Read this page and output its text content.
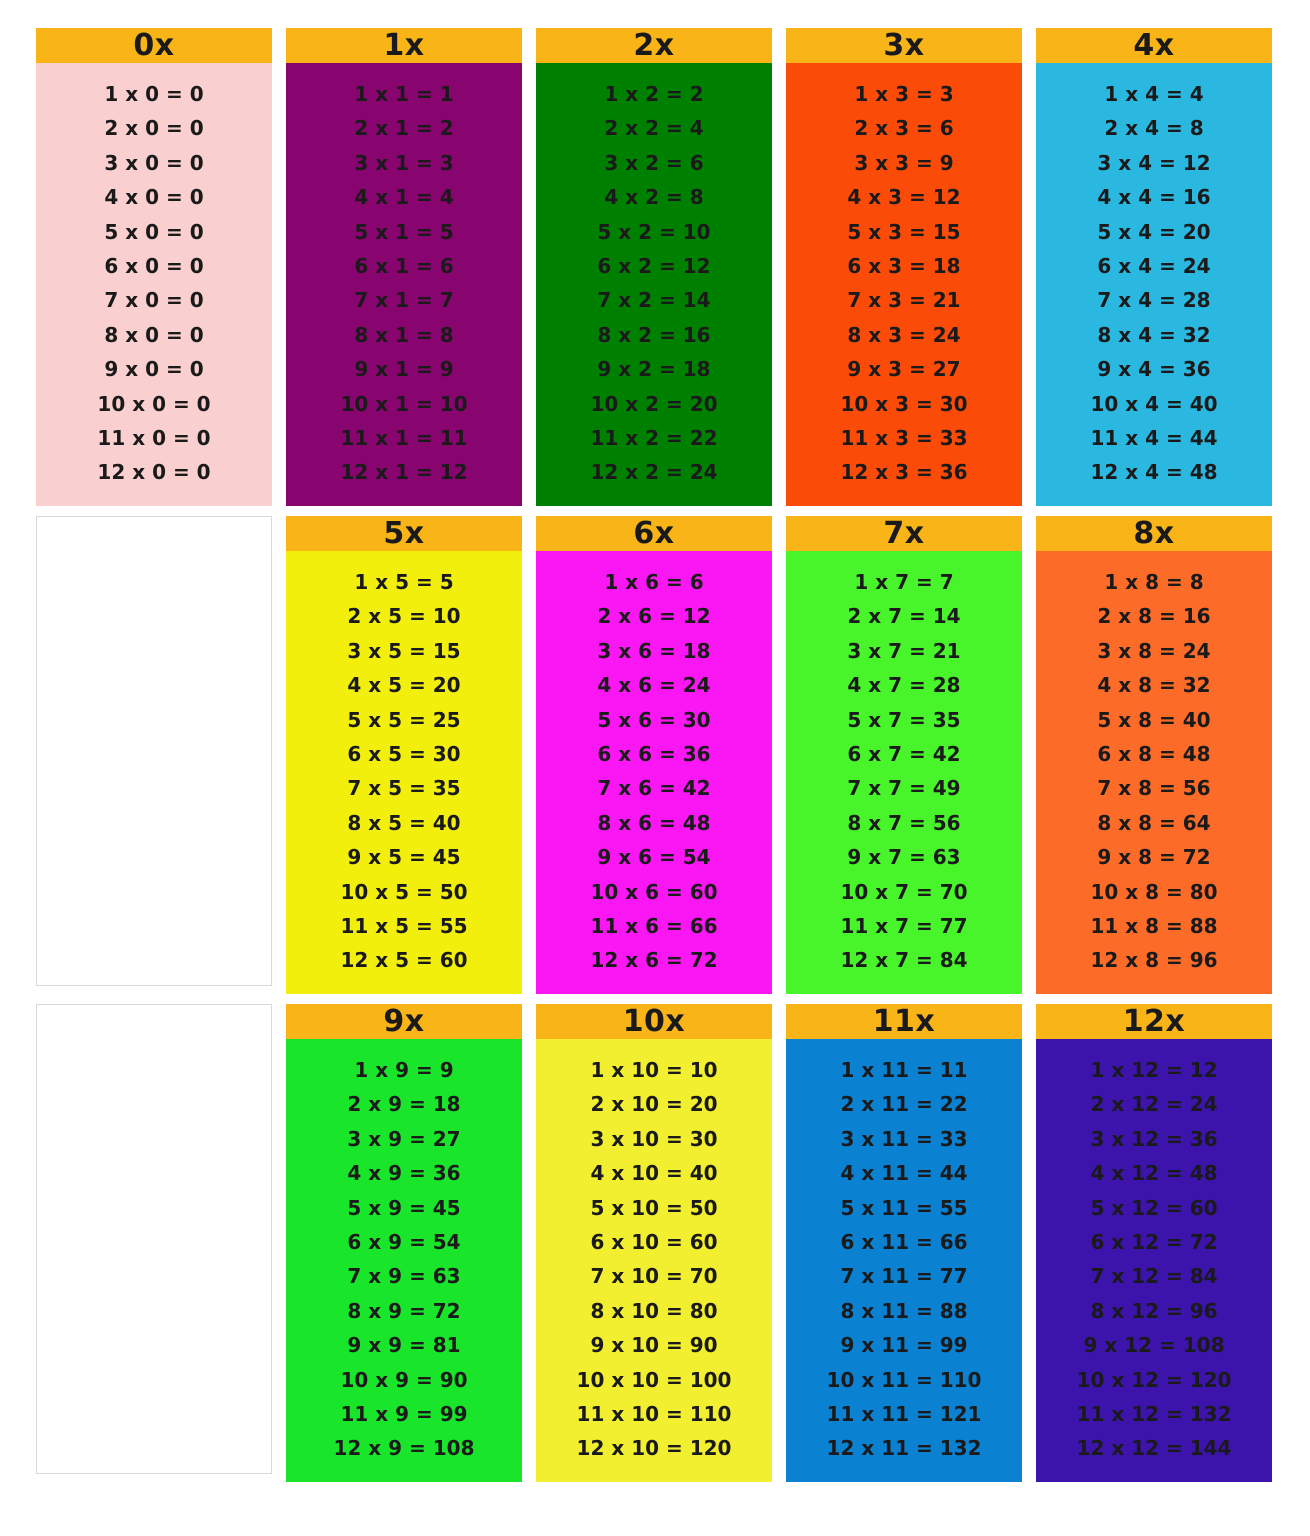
0x
1 x 0 = 0
2 x 0 = 0
3 x 0 = 0
4 x 0 = 0
5 x 0 = 0
6 x 0 = 0
7 x 0 = 0
8 x 0 = 0
9 x 0 = 0
10 x 0 = 0
11 x 0 = 0
12 x 0 = 0
1x
1 x 1 = 1
2 x 1 = 2
3 x 1 = 3
4 x 1 = 4
5 x 1 = 5
6 x 1 = 6
7 x 1 = 7
8 x 1 = 8
9 x 1 = 9
10 x 1 = 10
11 x 1 = 11
12 x 1 = 12
2x
1 x 2 = 2
2 x 2 = 4
3 x 2 = 6
4 x 2 = 8
5 x 2 = 10
6 x 2 = 12
7 x 2 = 14
8 x 2 = 16
9 x 2 = 18
10 x 2 = 20
11 x 2 = 22
12 x 2 = 24
3x
1 x 3 = 3
2 x 3 = 6
3 x 3 = 9
4 x 3 = 12
5 x 3 = 15
6 x 3 = 18
7 x 3 = 21
8 x 3 = 24
9 x 3 = 27
10 x 3 = 30
11 x 3 = 33
12 x 3 = 36
4x
1 x 4 = 4
2 x 4 = 8
3 x 4 = 12
4 x 4 = 16
5 x 4 = 20
6 x 4 = 24
7 x 4 = 28
8 x 4 = 32
9 x 4 = 36
10 x 4 = 40
11 x 4 = 44
12 x 4 = 48
5x
1 x 5 = 5
2 x 5 = 10
3 x 5 = 15
4 x 5 = 20
5 x 5 = 25
6 x 5 = 30
7 x 5 = 35
8 x 5 = 40
9 x 5 = 45
10 x 5 = 50
11 x 5 = 55
12 x 5 = 60
6x
1 x 6 = 6
2 x 6 = 12
3 x 6 = 18
4 x 6 = 24
5 x 6 = 30
6 x 6 = 36
7 x 6 = 42
8 x 6 = 48
9 x 6 = 54
10 x 6 = 60
11 x 6 = 66
12 x 6 = 72
7x
1 x 7 = 7
2 x 7 = 14
3 x 7 = 21
4 x 7 = 28
5 x 7 = 35
6 x 7 = 42
7 x 7 = 49
8 x 7 = 56
9 x 7 = 63
10 x 7 = 70
11 x 7 = 77
12 x 7 = 84
8x
1 x 8 = 8
2 x 8 = 16
3 x 8 = 24
4 x 8 = 32
5 x 8 = 40
6 x 8 = 48
7 x 8 = 56
8 x 8 = 64
9 x 8 = 72
10 x 8 = 80
11 x 8 = 88
12 x 8 = 96
9x
1 x 9 = 9
2 x 9 = 18
3 x 9 = 27
4 x 9 = 36
5 x 9 = 45
6 x 9 = 54
7 x 9 = 63
8 x 9 = 72
9 x 9 = 81
10 x 9 = 90
11 x 9 = 99
12 x 9 = 108
10x
1 x 10 = 10
2 x 10 = 20
3 x 10 = 30
4 x 10 = 40
5 x 10 = 50
6 x 10 = 60
7 x 10 = 70
8 x 10 = 80
9 x 10 = 90
10 x 10 = 100
11 x 10 = 110
12 x 10 = 120
11x
1 x 11 = 11
2 x 11 = 22
3 x 11 = 33
4 x 11 = 44
5 x 11 = 55
6 x 11 = 66
7 x 11 = 77
8 x 11 = 88
9 x 11 = 99
10 x 11 = 110
11 x 11 = 121
12 x 11 = 132
12x
1 x 12 = 12
2 x 12 = 24
3 x 12 = 36
4 x 12 = 48
5 x 12 = 60
6 x 12 = 72
7 x 12 = 84
8 x 12 = 96
9 x 12 = 108
10 x 12 = 120
11 x 12 = 132
12 x 12 = 144
